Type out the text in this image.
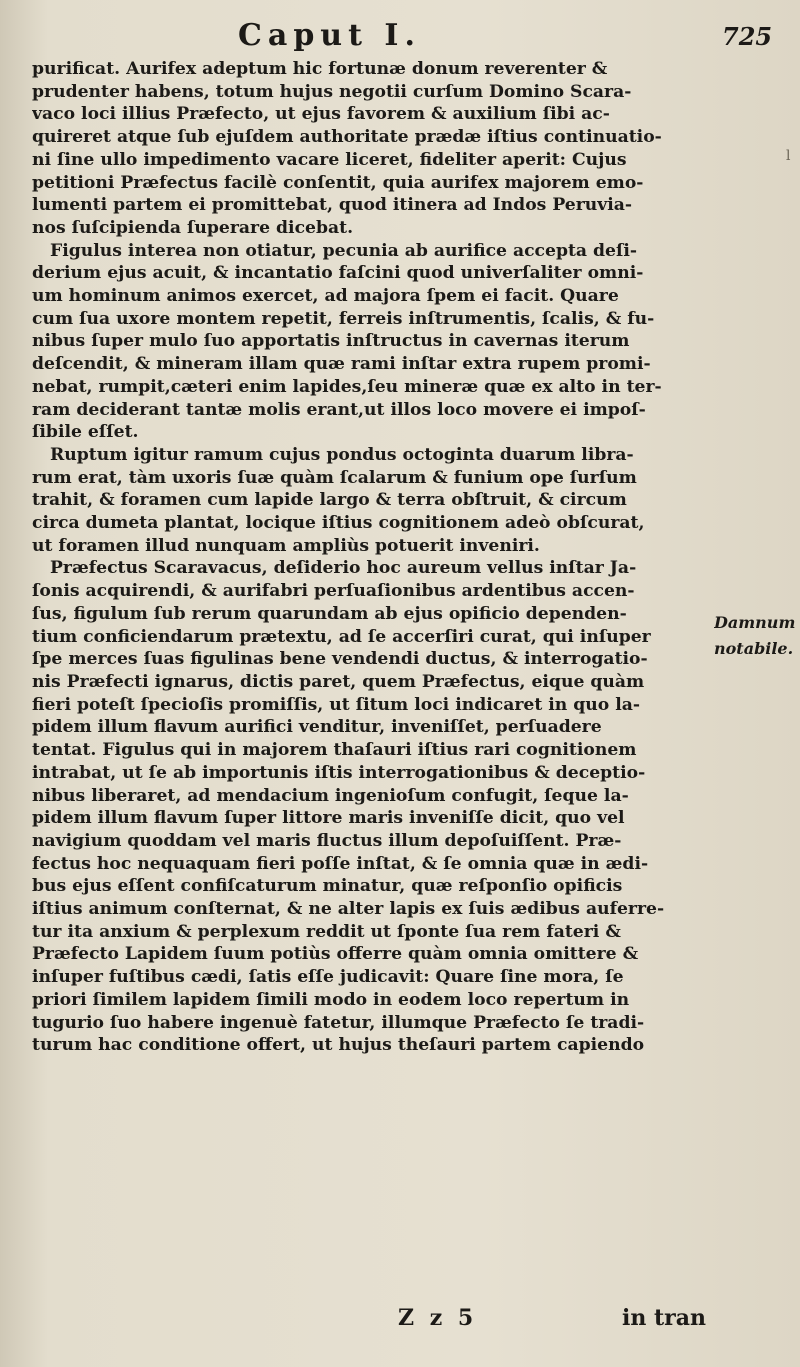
Caput I.	725

purificat. Aurifex adeptum hic fortunæ donum reverenter &
prudenter habens, totum hujus negotii curſum Domino Scara-
vaco loci illius Præfecto, ut ejus favorem & auxilium ſibi ac-
quireret atque ſub ejuſdem authoritate prædæ iſtius continuatio-
ni ſine ullo impedimento vacare liceret, fideliter aperit: Cujus
petitioni Præfectus facilè conſentit, quia aurifex majorem emo-
lumenti partem ei promittebat, quod itinera ad Indos Peruvia-
nos ſuſcipienda ſuperare dicebat.

Figulus interea non otiatur, pecunia ab aurifice accepta deſi-
derium ejus acuit, & incantatio faſcini quod univerſaliter omni-
um hominum animos exercet, ad majora ſpem ei facit. Quare
cum ſua uxore montem repetit, ferreis inſtrumentis, ſcalis, & fu-
nibus ſuper mulo ſuo apportatis inſtructus in cavernas iterum
deſcendit, & mineram illam quæ rami inſtar extra rupem promi-
nebat, rumpit,cæteri enim lapides,ſeu mineræ quæ ex alto in ter-
ram deciderant tantæ molis erant,ut illos loco movere ei impoſ-
ſibile eſſet.

Ruptum igitur ramum cujus pondus octoginta duarum libra-
rum erat, tàm uxoris ſuæ quàm ſcalarum & funium ope ſurſum
trahit, & foramen cum lapide largo & terra obſtruit, & circum
circa dumeta plantat, locique iſtius cognitionem adeò obſcurat,
ut foramen illud nunquam ampliùs potuerit inveniri.

Præfectus Scaravacus, deſiderio hoc aureum vellus inſtar Ja-
ſonis acquirendi, & aurifabri perſuaſionibus ardentibus accen-
ſus, figulum ſub rerum quarundam ab ejus opificio dependen-
tium conficiendarum prætextu, ad ſe accerſiri curat, qui inſuper
ſpe merces ſuas figulinas bene vendendi ductus, & interrogatio-
nis Præfecti ignarus, dictis paret, quem Præfectus, eique quàm
fieri poteſt ſpecioſis promiſſis, ut ſitum loci indicaret in quo la-
pidem illum flavum aurifici venditur, inveniſſet, perſuadere
tentat. Figulus qui in majorem thaſauri iſtius rari cognitionem
intrabat, ut ſe ab importunis iſtis interrogationibus & deceptio-
nibus liberaret, ad mendacium ingenioſum confugit, ſeque la-
pidem illum flavum ſuper littore maris inveniſſe dicit, quo vel
navigium quoddam vel maris fluctus illum depoſuiſſent. Præ-
fectus hoc nequaquam fieri poſſe inſtat, & ſe omnia quæ in ædi-
bus ejus eſſent confiſcaturum minatur, quæ reſponſio opificis
iſtius animum conſternat, & ne alter lapis ex ſuis ædibus auferre-
tur ita anxium & perplexum reddit ut ſponte ſua rem fateri &
Præfecto Lapidem ſuum potiùs offerre quàm omnia omittere &
inſuper fuſtibus cædi, ſatis eſſe judicavit: Quare ſine mora, ſe
priori ſimilem lapidem ſimili modo in eodem loco repertum in
tugurio ſuo habere ingenuè fatetur, illumque Præfecto ſe tradi-
turum hac conditione offert, ut hujus theſauri partem capiendo

Damnum
notabile.
ⅼ
Z z 5	in tran
